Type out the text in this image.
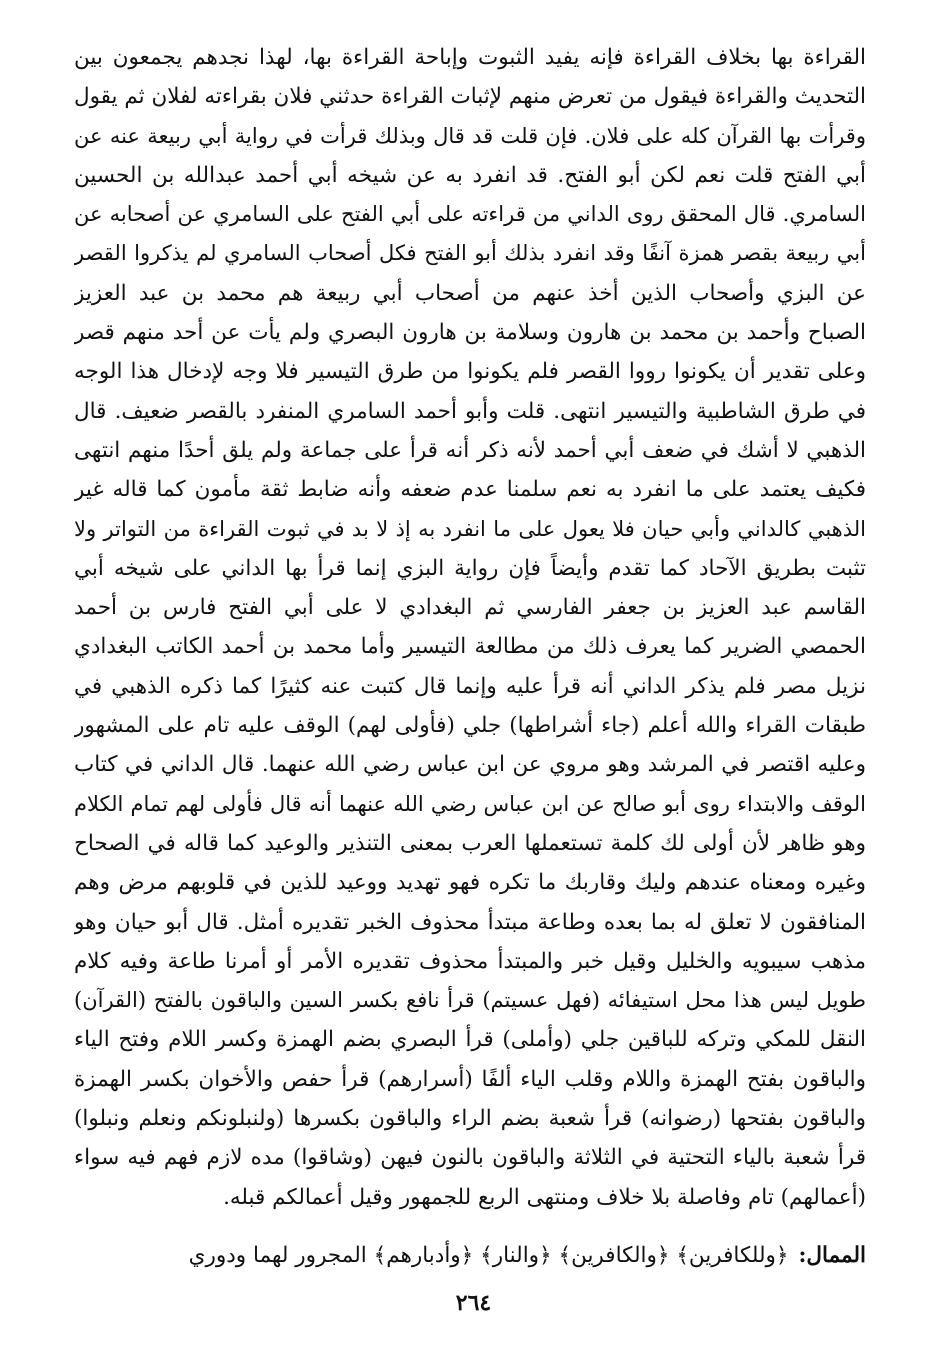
القراءة بها بخلاف القراءة فإنه يفيد الثبوت وإباحة القراءة بها، لهذا نجدهم يجمعون بين
التحديث والقراءة فيقول من تعرض منهم لإثبات القراءة حدثني فلان بقراءته لفلان ثم يقول
وقرأت بها القرآن كله على فلان. فإن قلت قد قال وبذلك قرأت في رواية أبي ربيعة عنه عن
أبي الفتح قلت نعم لكن أبو الفتح. قد انفرد به عن شيخه أبي أحمد عبدالله بن الحسين
السامري. قال المحقق روى الداني من قراءته على أبي الفتح على السامري عن أصحابه عن
أبي ربيعة بقصر همزة آنفًا وقد انفرد بذلك أبو الفتح فكل أصحاب السامري لم يذكروا القصر
عن البزي وأصحاب الذين أخذ عنهم من أصحاب أبي ربيعة هم محمد بن عبد العزيز
الصباح وأحمد بن محمد بن هارون وسلامة بن هارون البصري ولم يأت عن أحد منهم قصر
وعلى تقدير أن يكونوا رووا القصر فلم يكونوا من طرق التيسير فلا وجه لإدخال هذا الوجه
في طرق الشاطبية والتيسير انتهى. قلت وأبو أحمد السامري المنفرد بالقصر ضعيف. قال
الذهبي لا أشك في ضعف أبي أحمد لأنه ذكر أنه قرأ على جماعة ولم يلق أحدًا منهم انتهى
فكيف يعتمد على ما انفرد به نعم سلمنا عدم ضعفه وأنه ضابط ثقة مأمون كما قاله غير
الذهبي كالداني وأبي حيان فلا يعول على ما انفرد به إذ لا بد في ثبوت القراءة من التواتر ولا
تثبت بطريق الآحاد كما تقدم وأيضاً فإن رواية البزي إنما قرأ بها الداني على شيخه أبي
القاسم عبد العزيز بن جعفر الفارسي ثم البغدادي لا على أبي الفتح فارس بن أحمد
الحمصي الضرير كما يعرف ذلك من مطالعة التيسير وأما محمد بن أحمد الكاتب البغدادي
نزيل مصر فلم يذكر الداني أنه قرأ عليه وإنما قال كتبت عنه كثيرًا كما ذكره الذهبي في
طبقات القراء والله أعلم (جاء أشراطها) جلي (فأولى لهم) الوقف عليه تام على المشهور
وعليه اقتصر في المرشد وهو مروي عن ابن عباس رضي الله عنهما. قال الداني في كتاب
الوقف والابتداء روى أبو صالح عن ابن عباس رضي الله عنهما أنه قال فأولى لهم تمام الكلام
وهو ظاهر لأن أولى لك كلمة تستعملها العرب بمعنى التنذير والوعيد كما قاله في الصحاح
وغيره ومعناه عندهم وليك وقاربك ما تكره فهو تهديد ووعيد للذين في قلوبهم مرض وهم
المنافقون لا تعلق له بما بعده وطاعة مبتدأ محذوف الخبر تقديره أمثل. قال أبو حيان وهو
مذهب سيبويه والخليل وقيل خبر والمبتدأ محذوف تقديره الأمر أو أمرنا طاعة وفيه كلام
طويل ليس هذا محل استيفائه (فهل عسيتم) قرأ نافع بكسر السين والباقون بالفتح (القرآن)
النقل للمكي وتركه للباقين جلي (وأملى) قرأ البصري بضم الهمزة وكسر اللام وفتح الياء
والباقون بفتح الهمزة واللام وقلب الياء ألفًا (أسرارهم) قرأ حفص والأخوان بكسر الهمزة
والباقون بفتحها (رضوانه) قرأ شعبة بضم الراء والباقون بكسرها (ولنبلونكم ونعلم ونبلوا)
قرأ شعبة بالياء التحتية في الثلاثة والباقون بالنون فيهن (وشاقوا) مده لازم فهم فيه سواء
(أعمالهم) تام وفاصلة بلا خلاف ومنتهى الربع للجمهور وقيل أعمالكم قبله.
الممال:﴿وللكافرين﴾ ﴿والكافرين﴾ ﴿والنار﴾ ﴿وأدبارهم﴾ المجرور لهما ودوري
٢٦٤
